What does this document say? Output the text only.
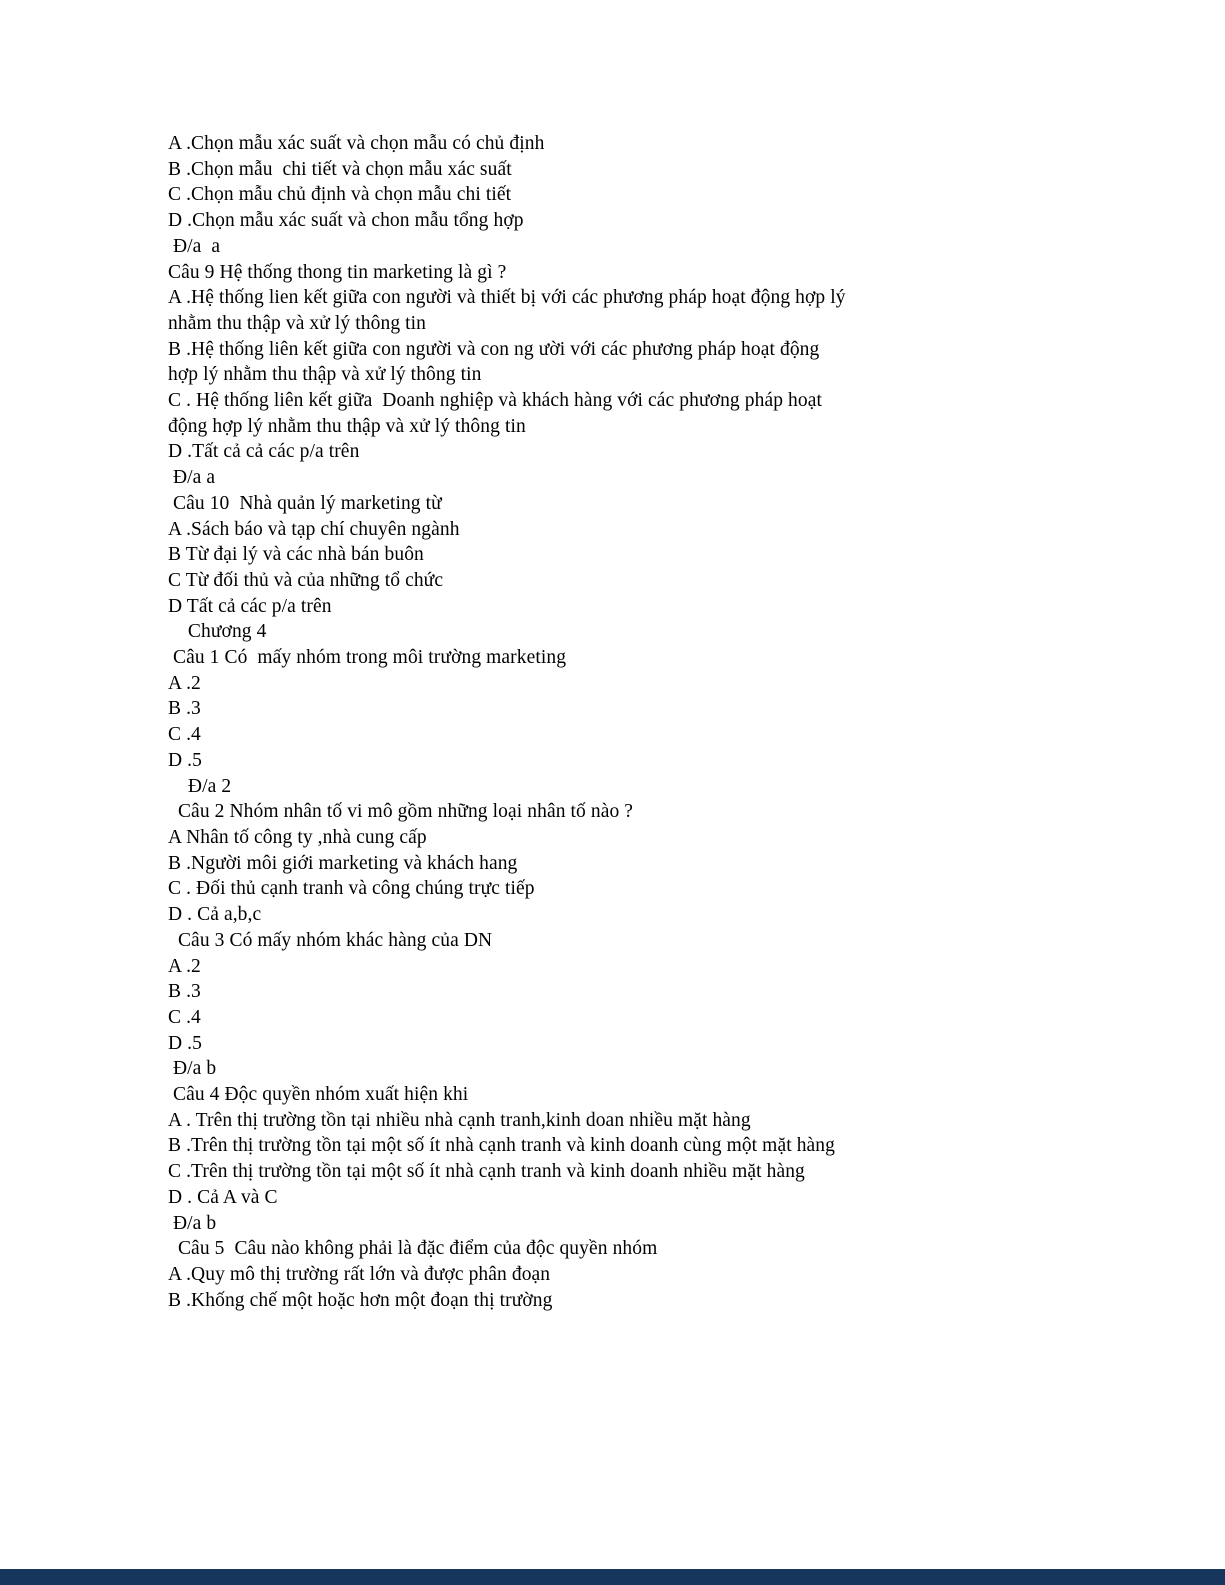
A .Chọn mẫu xác suất và chọn mẫu có chủ định
B .Chọn mẫu  chi tiết và chọn mẫu xác suất
C .Chọn mẫu chủ định và chọn mẫu chi tiết
D .Chọn mẫu xác suất và chon mẫu tổng hợp
Đ/a  a
Câu 9 Hệ thống thong tin marketing là gì ?
A .Hệ thống lien kết giữa con người và thiết bị với các phương pháp hoạt động hợp lý
nhằm thu thập và xử lý thông tin
B .Hệ thống liên kết giữa con người và con ng ười với các phương pháp hoạt động
hợp lý nhằm thu thập và xử lý thông tin
C . Hệ thống liên kết giữa  Doanh nghiệp và khách hàng với các phương pháp hoạt
động hợp lý nhằm thu thập và xử lý thông tin
D .Tất cả cả các p/a trên
Đ/a a
Câu 10  Nhà quản lý marketing từ
A .Sách báo và tạp chí chuyên ngành
B Từ đại lý và các nhà bán buôn
C Từ đối thủ và của những tổ chức
D Tất cả các p/a trên
Chương 4
Câu 1 Có  mấy nhóm trong môi trường marketing
A .2
B .3
C .4
D .5
Đ/a 2
Câu 2 Nhóm nhân tố vi mô gồm những loại nhân tố nào ?
A Nhân tố công ty ,nhà cung cấp
B .Người môi giới marketing và khách hang
C . Đối thủ cạnh tranh và công chúng trực tiếp
D . Cả a,b,c
Câu 3 Có mấy nhóm khác hàng của DN
A .2
B .3
C .4
D .5
Đ/a b
Câu 4 Độc quyền nhóm xuất hiện khi
A . Trên thị trường tồn tại nhiều nhà cạnh tranh,kinh doan nhiều mặt hàng
B .Trên thị trường tồn tại một số ít nhà cạnh tranh và kinh doanh cùng một mặt hàng
C .Trên thị trường tồn tại một số ít nhà cạnh tranh và kinh doanh nhiều mặt hàng
D . Cả A và C
Đ/a b
Câu 5  Câu nào không phải là đặc điểm của độc quyền nhóm
A .Quy mô thị trường rất lớn và được phân đoạn
B .Khống chế một hoặc hơn một đoạn thị trường
